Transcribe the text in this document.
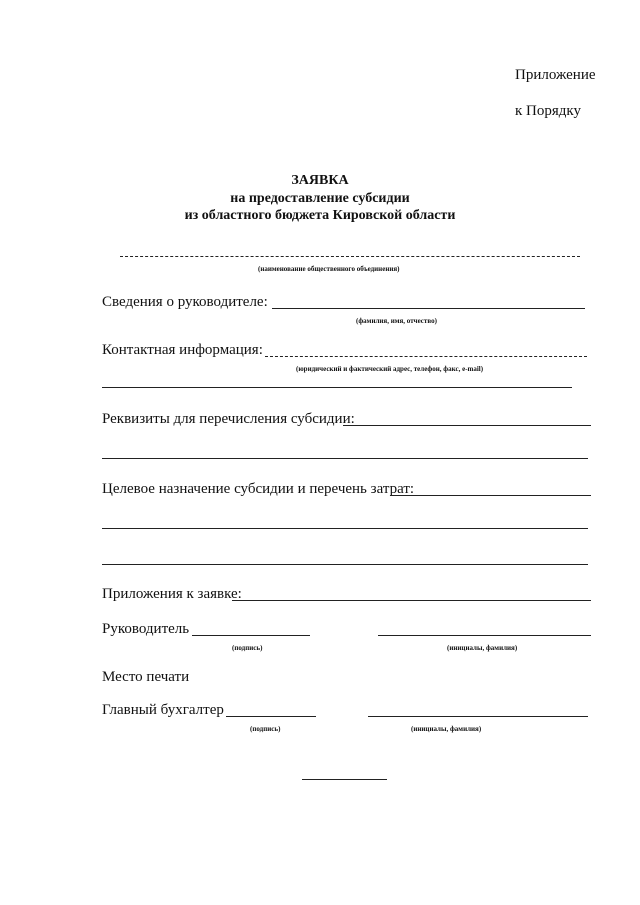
Приложение
к Порядку
ЗАЯВКА
на предоставление субсидии
из областного бюджета Кировской области
(наименование общественного объединения)
Сведения о руководителе:
(фамилия, имя, отчество)
Контактная информация:
(юридический и фактический адрес, телефон, факс, e-mail)
Реквизиты для перечисления субсидии:
Целевое назначение субсидии и перечень затрат:
Приложения к заявке:
Руководитель
(подпись)	(инициалы, фамилия)
Место печати
Главный бухгалтер
(подпись)	(инициалы, фамилия)
